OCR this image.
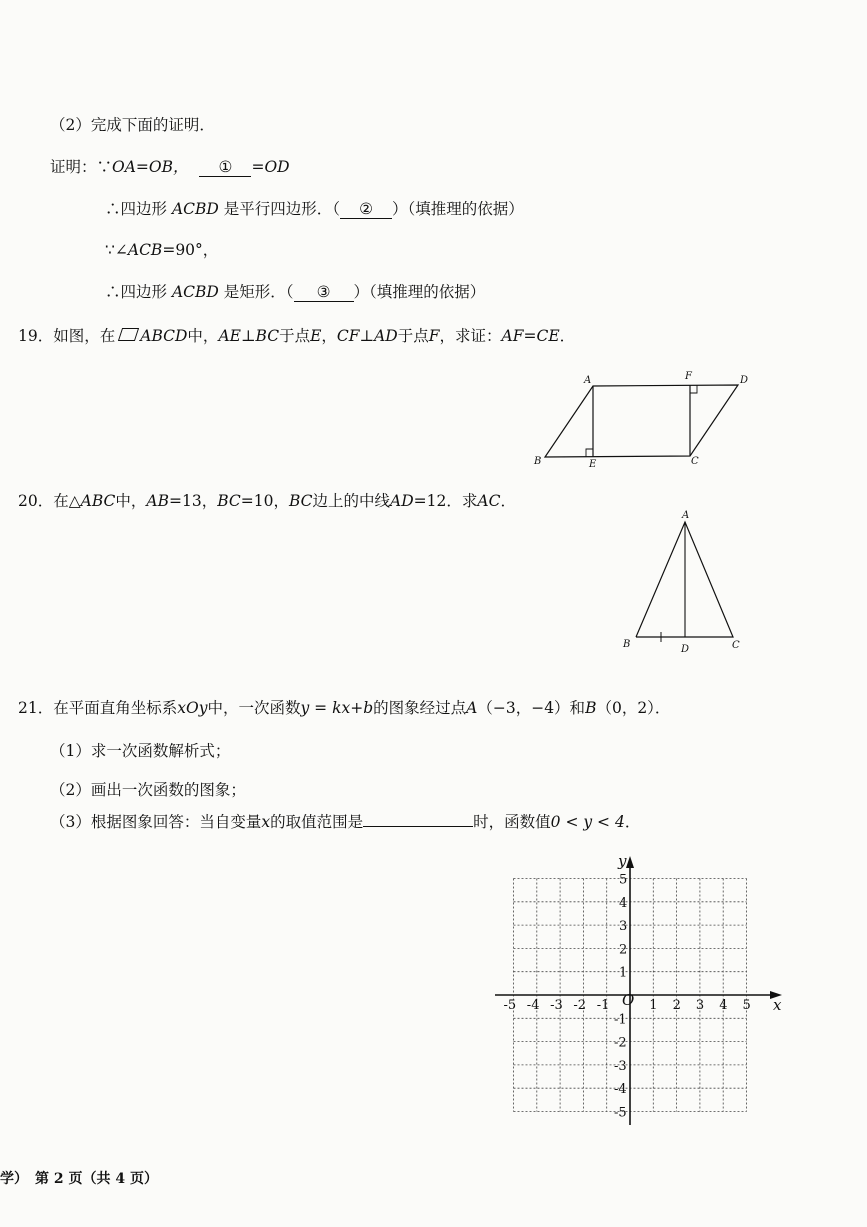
（2）完成下面的证明．
证明：∵OA=OB， ① =OD
∴四边形 ACBD 是平行四边形．（ ② ）（填推理的依据）
∵∠ACB=90°，
∴四边形 ACBD 是矩形．（ ③ ）（填推理的依据）
19．如图，在 ABCD中，AE⊥BC于点E，CF⊥AD于点F，求证：AF=CE．
A	F	D
B	E	C
20．在△ABC中，AB=13，BC=10，BC边上的中线AD=12．求AC．
A
B	D	C
21．在平面直角坐标系xOy中，一次函数y = kx+b的图象经过点A（−3，−4）和B（0，2）．
（1）求一次函数解析式；
（2）画出一次函数的图象；
（3）根据图象回答：当自变量x的取值范围是	时，函数值0 < y < 4．
-5 -4 -3 -2 -1	1 2 3 4 5
5
4
3
2
1
-1
-2
-3
-4
-5
x
y
O
学）　第 2 页（共 4 页）
